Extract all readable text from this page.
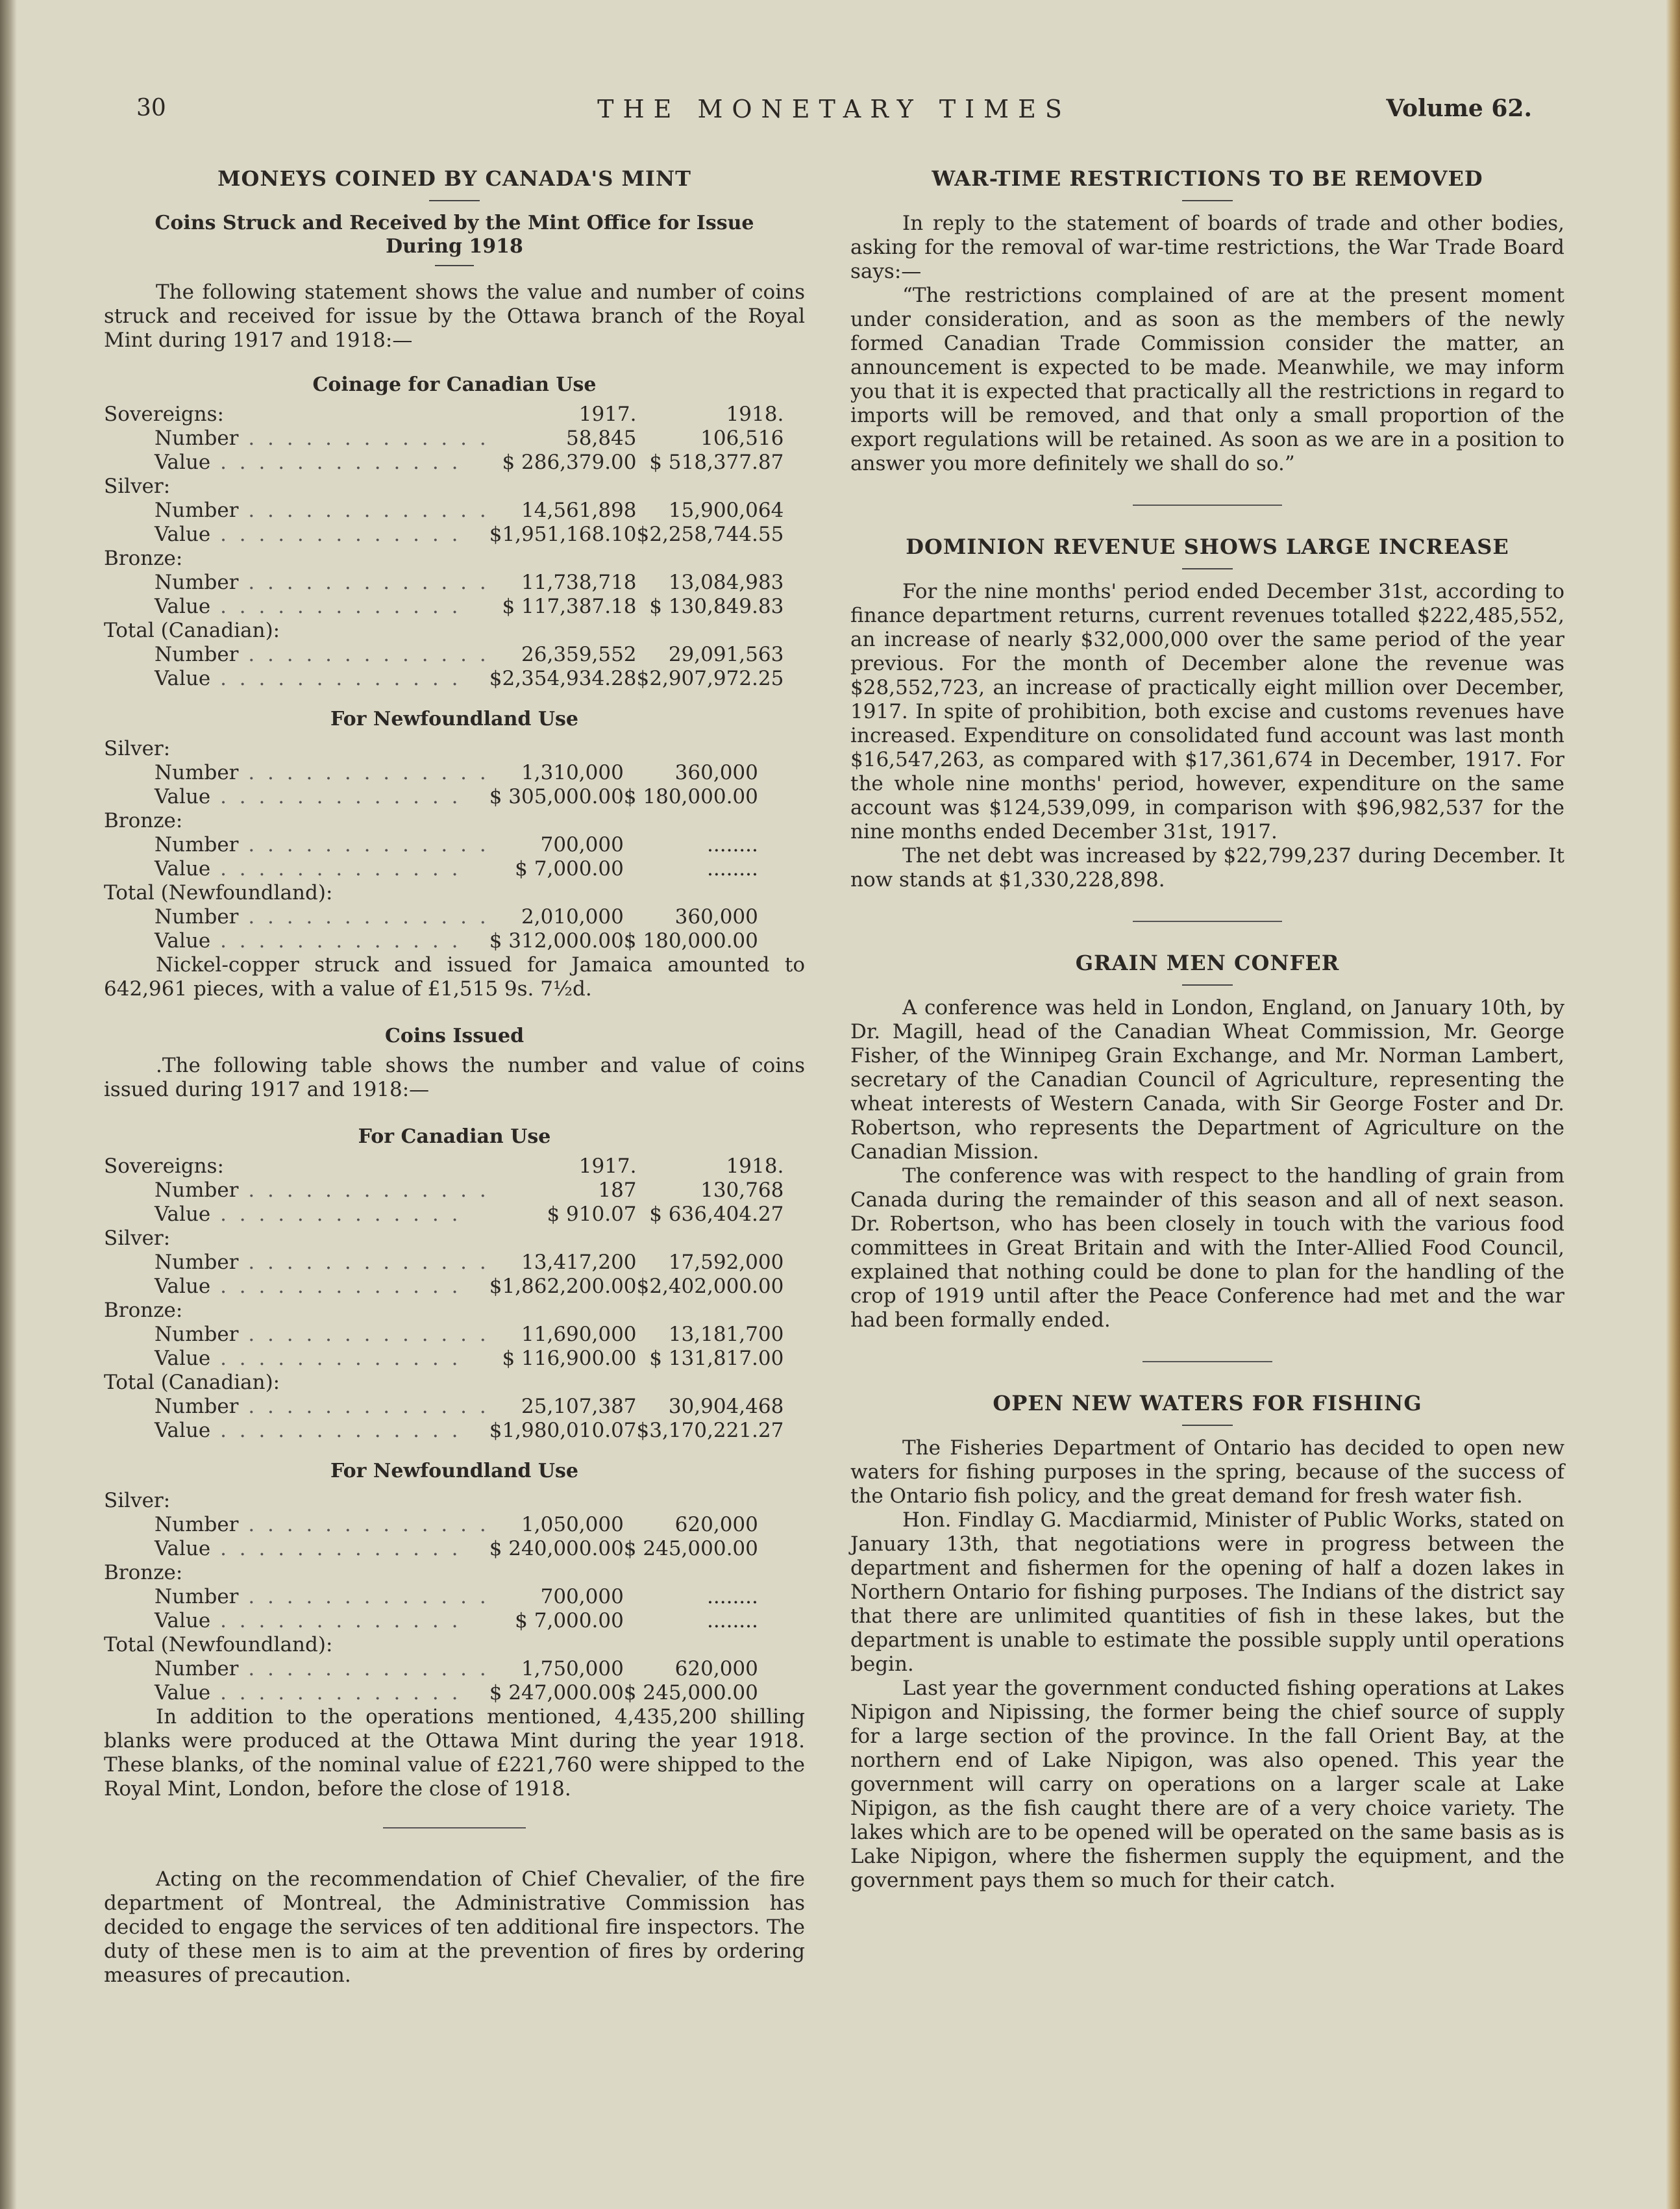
30	THE MONETARY TIMES	Volume 62.
MONEYS COINED BY CANADA'S MINT
Coins Struck and Received by the Mint Office for Issue During 1918

The following statement shows the value and number of coins struck and received for issue by the Ottawa branch of the Royal Mint during 1917 and 1918:—

Coinage for Canadian Use
Sovereigns:	1917.	1918.
Number . . . . . . . . . . . . .	58,845	106,516
Value . . . . . . . . . . . . .	$ 286,379.00	$ 518,377.87
Silver:		
Number . . . . . . . . . . . . .	14,561,898	15,900,064
Value . . . . . . . . . . . . .	$1,951,168.10	$2,258,744.55
Bronze:		
Number . . . . . . . . . . . . .	11,738,718	13,084,983
Value . . . . . . . . . . . . .	$ 117,387.18	$ 130,849.83
Total (Canadian):		
Number . . . . . . . . . . . . .	26,359,552	29,091,563
Value . . . . . . . . . . . . .	$2,354,934.28	$2,907,972.25
For Newfoundland Use
Silver:		
Number . . . . . . . . . . . . .	1,310,000	360,000
Value . . . . . . . . . . . . .	$ 305,000.00	$ 180,000.00
Bronze:		
Number . . . . . . . . . . . . .	700,000	........
Value . . . . . . . . . . . . .	$ 7,000.00	........
Total (Newfoundland):		
Number . . . . . . . . . . . . .	2,010,000	360,000
Value . . . . . . . . . . . . .	$ 312,000.00	$ 180,000.00

Nickel-copper struck and issued for Jamaica amounted to 642,961 pieces, with a value of £1,515 9s. 7½d.

Coins Issued

.The following table shows the number and value of coins issued during 1917 and 1918:—

For Canadian Use
Sovereigns:	1917.	1918.
Number . . . . . . . . . . . . .	187	130,768
Value . . . . . . . . . . . . .	$ 910.07	$ 636,404.27
Silver:		
Number . . . . . . . . . . . . .	13,417,200	17,592,000
Value . . . . . . . . . . . . .	$1,862,200.00	$2,402,000.00
Bronze:		
Number . . . . . . . . . . . . .	11,690,000	13,181,700
Value . . . . . . . . . . . . .	$ 116,900.00	$ 131,817.00
Total (Canadian):		
Number . . . . . . . . . . . . .	25,107,387	30,904,468
Value . . . . . . . . . . . . .	$1,980,010.07	$3,170,221.27
For Newfoundland Use
Silver:		
Number . . . . . . . . . . . . .	1,050,000	620,000
Value . . . . . . . . . . . . .	$ 240,000.00	$ 245,000.00
Bronze:		
Number . . . . . . . . . . . . .	700,000	........
Value . . . . . . . . . . . . .	$ 7,000.00	........
Total (Newfoundland):		
Number . . . . . . . . . . . . .	1,750,000	620,000
Value . . . . . . . . . . . . .	$ 247,000.00	$ 245,000.00

In addition to the operations mentioned, 4,435,200 shilling blanks were produced at the Ottawa Mint during the year 1918. These blanks, of the nominal value of £221,760 were shipped to the Royal Mint, London, before the close of 1918.

Acting on the recommendation of Chief Chevalier, of the fire department of Montreal, the Administrative Commission has decided to engage the services of ten additional fire inspectors. The duty of these men is to aim at the prevention of fires by ordering measures of precaution.

WAR-TIME RESTRICTIONS TO BE REMOVED

In reply to the statement of boards of trade and other bodies, asking for the removal of war-time restrictions, the War Trade Board says:—

“The restrictions complained of are at the present moment under consideration, and as soon as the members of the newly formed Canadian Trade Commission consider the matter, an announcement is expected to be made. Meanwhile, we may inform you that it is expected that practically all the restrictions in regard to imports will be removed, and that only a small proportion of the export regulations will be retained. As soon as we are in a position to answer you more definitely we shall do so.”

DOMINION REVENUE SHOWS LARGE INCREASE

For the nine months' period ended December 31st, according to finance department returns, current revenues totalled $222,485,552, an increase of nearly $32,000,000 over the same period of the year previous. For the month of December alone the revenue was $28,552,723, an increase of practically eight million over December, 1917. In spite of prohibition, both excise and customs revenues have increased. Expenditure on consolidated fund account was last month $16,547,263, as compared with $17,361,674 in December, 1917. For the whole nine months' period, however, expenditure on the same account was $124,539,099, in comparison with $96,982,537 for the nine months ended December 31st, 1917.

The net debt was increased by $22,799,237 during December. It now stands at $1,330,228,898.

GRAIN MEN CONFER

A conference was held in London, England, on January 10th, by Dr. Magill, head of the Canadian Wheat Commission, Mr. George Fisher, of the Winnipeg Grain Exchange, and Mr. Norman Lambert, secretary of the Canadian Council of Agriculture, representing the wheat interests of Western Canada, with Sir George Foster and Dr. Robertson, who represents the Department of Agriculture on the Canadian Mission.

The conference was with respect to the handling of grain from Canada during the remainder of this season and all of next season. Dr. Robertson, who has been closely in touch with the various food committees in Great Britain and with the Inter-Allied Food Council, explained that nothing could be done to plan for the handling of the crop of 1919 until after the Peace Conference had met and the war had been formally ended.

OPEN NEW WATERS FOR FISHING

The Fisheries Department of Ontario has decided to open new waters for fishing purposes in the spring, because of the success of the Ontario fish policy, and the great demand for fresh water fish.

Hon. Findlay G. Macdiarmid, Minister of Public Works, stated on January 13th, that negotiations were in progress between the department and fishermen for the opening of half a dozen lakes in Northern Ontario for fishing purposes. The Indians of the district say that there are unlimited quantities of fish in these lakes, but the department is unable to estimate the possible supply until operations begin.

Last year the government conducted fishing operations at Lakes Nipigon and Nipissing, the former being the chief source of supply for a large section of the province. In the fall Orient Bay, at the northern end of Lake Nipigon, was also opened. This year the government will carry on operations on a larger scale at Lake Nipigon, as the fish caught there are of a very choice variety. The lakes which are to be opened will be operated on the same basis as is Lake Nipigon, where the fishermen supply the equipment, and the government pays them so much for their catch.
